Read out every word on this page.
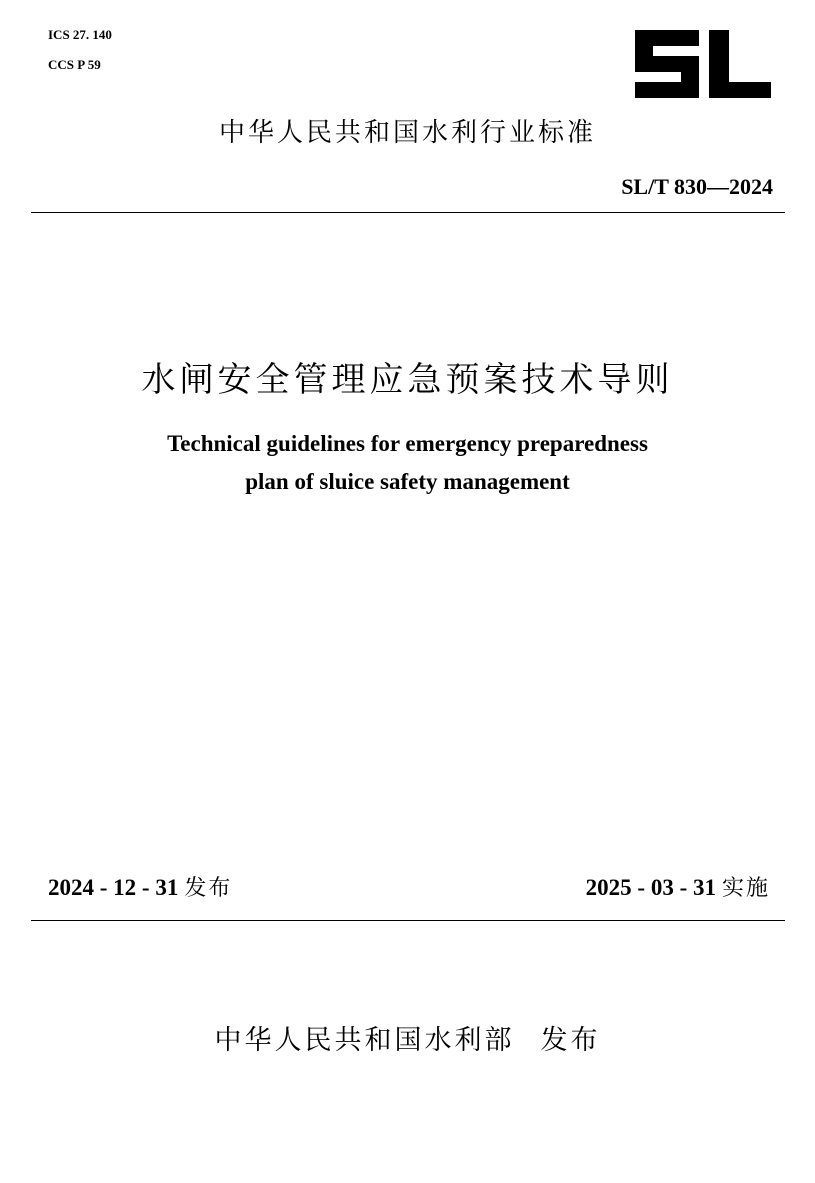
ICS 27. 140
CCS P 59
中华人民共和国水利行业标准
SL/T 830—2024
水闸安全管理应急预案技术导则
Technical guidelines for emergency preparedness
plan of sluice safety management
2024 - 12 - 31 发布	2025 - 03 - 31 实施
中华人民共和国水利部 发布
